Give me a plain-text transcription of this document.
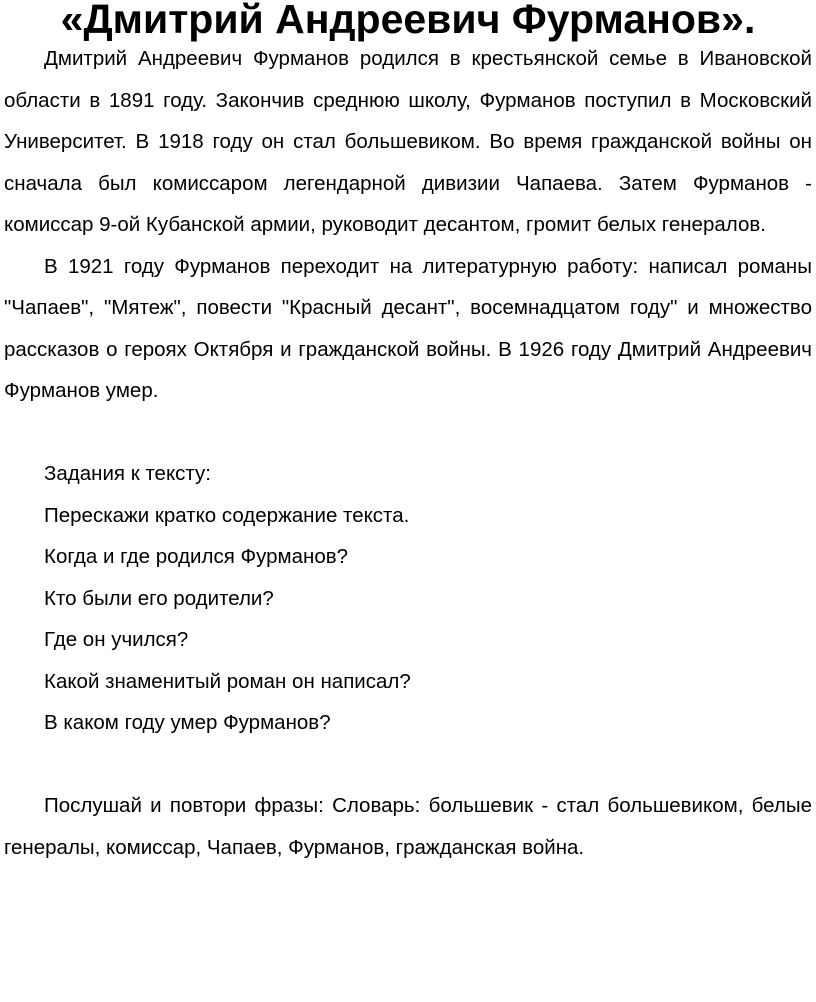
«Дмитрий Андреевич Фурманов».

Дмитрий Андреевич Фурманов родился в крестьянской семье в Ивановской области в 1891 году. Закончив среднюю школу, Фурманов поступил в Московский Университет. В 1918 году он стал большевиком. Во время гражданской войны он сначала был комиссаром легендарной дивизии Чапаева. Затем Фурманов - комиссар 9-ой Кубанской армии, руководит десантом, громит белых генералов.

В 1921 году Фурманов переходит на литературную работу: написал романы "Чапаев", "Мятеж", повести "Красный десант", восемнадцатом году" и множество рассказов о героях Октября и гражданской войны. В 1926 году Дмитрий Андреевич Фурманов умер.

Задания к тексту:

Перескажи кратко содержание текста.

Когда и где родился Фурманов?

Кто были его родители?

Где он учился?

Какой знаменитый роман он написал?

В каком году умер Фурманов?

Послушай и повтори фразы: Словарь: большевик - стал большевиком, белые генералы, комиссар, Чапаев, Фурманов, гражданская война.
